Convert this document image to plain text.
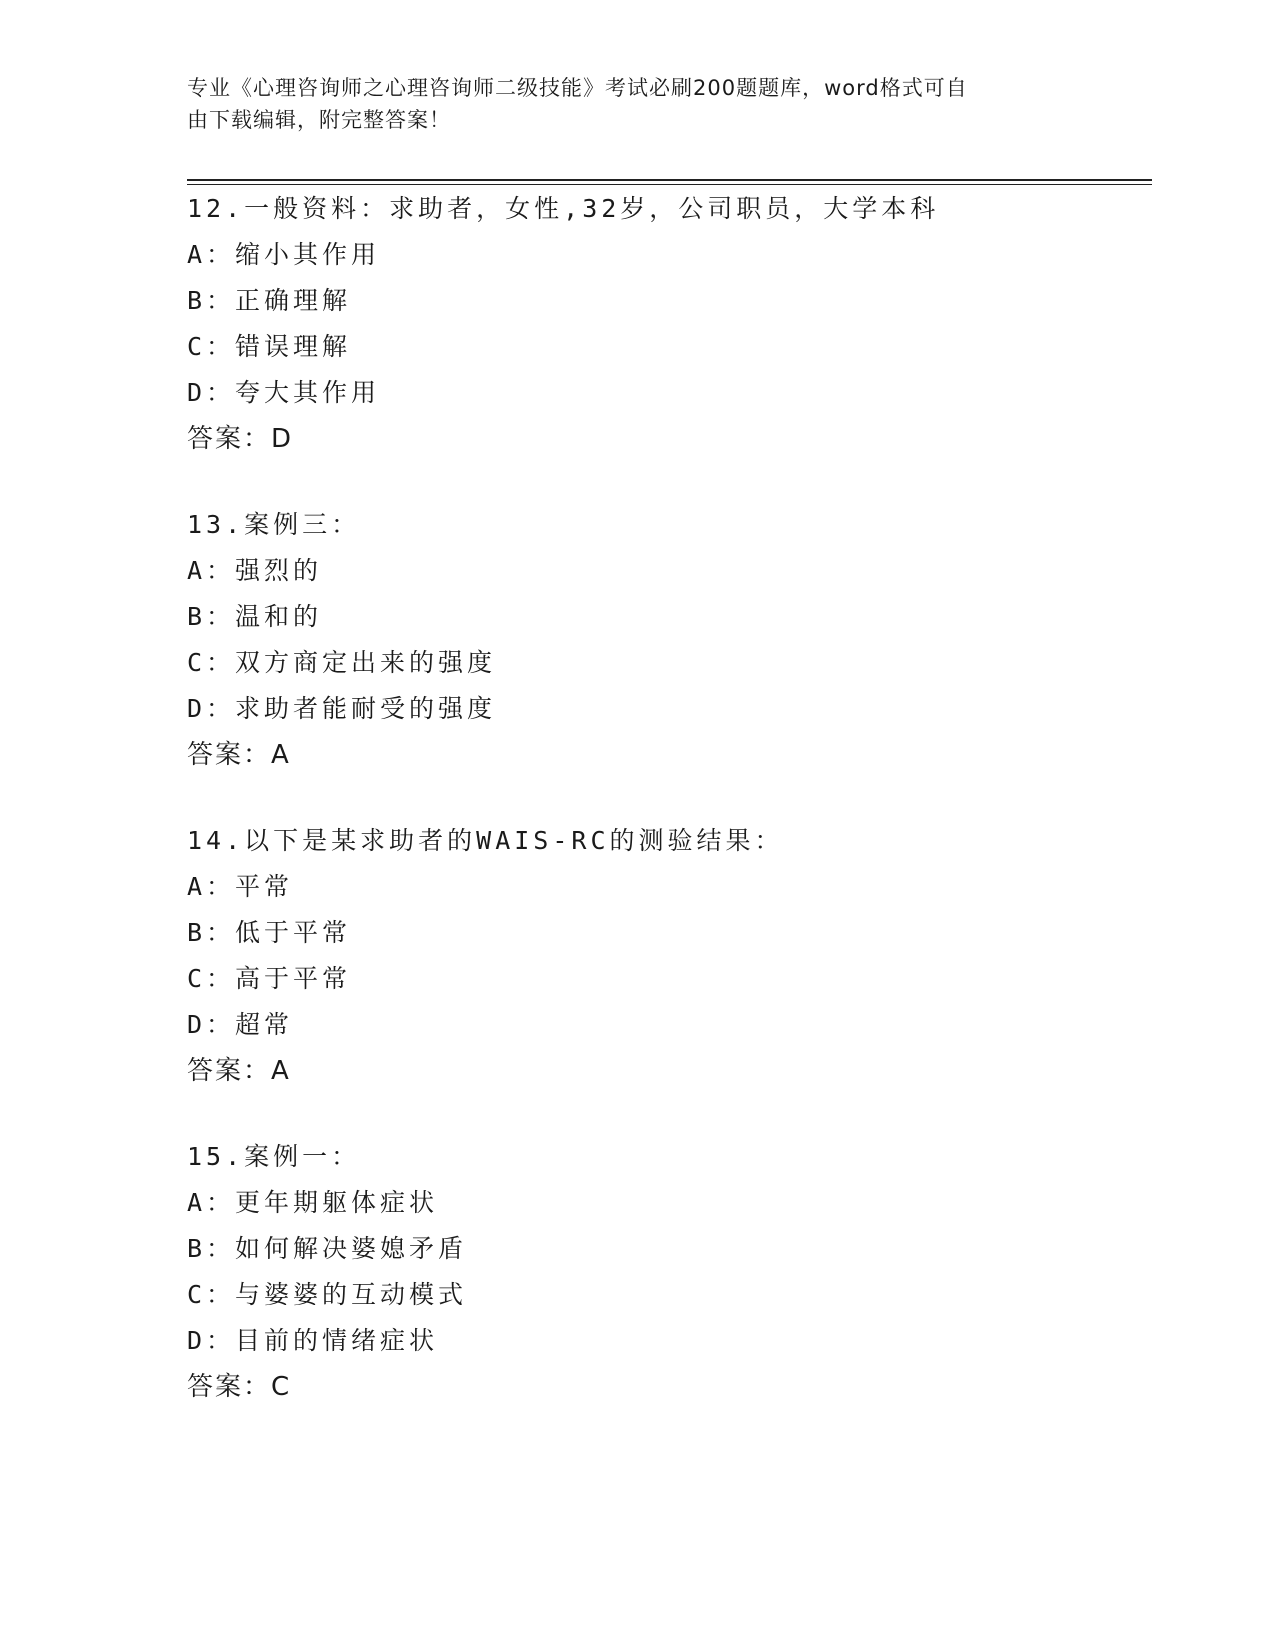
专业《心理咨询师之心理咨询师二级技能》考试必刷200题题库，word格式可自
由下载编辑，附完整答案！
12.一般资料：求助者，女性,32岁，公司职员，大学本科
A：缩小其作用
B：正确理解
C：错误理解
D：夸大其作用
答案：D
13.案例三：
A：强烈的
B：温和的
C：双方商定出来的强度
D：求助者能耐受的强度
答案：A
14.以下是某求助者的WAIS-RC的测验结果：
A：平常
B：低于平常
C：高于平常
D：超常
答案：A
15.案例一：
A：更年期躯体症状
B：如何解决婆媳矛盾
C：与婆婆的互动模式
D：目前的情绪症状
答案：C
